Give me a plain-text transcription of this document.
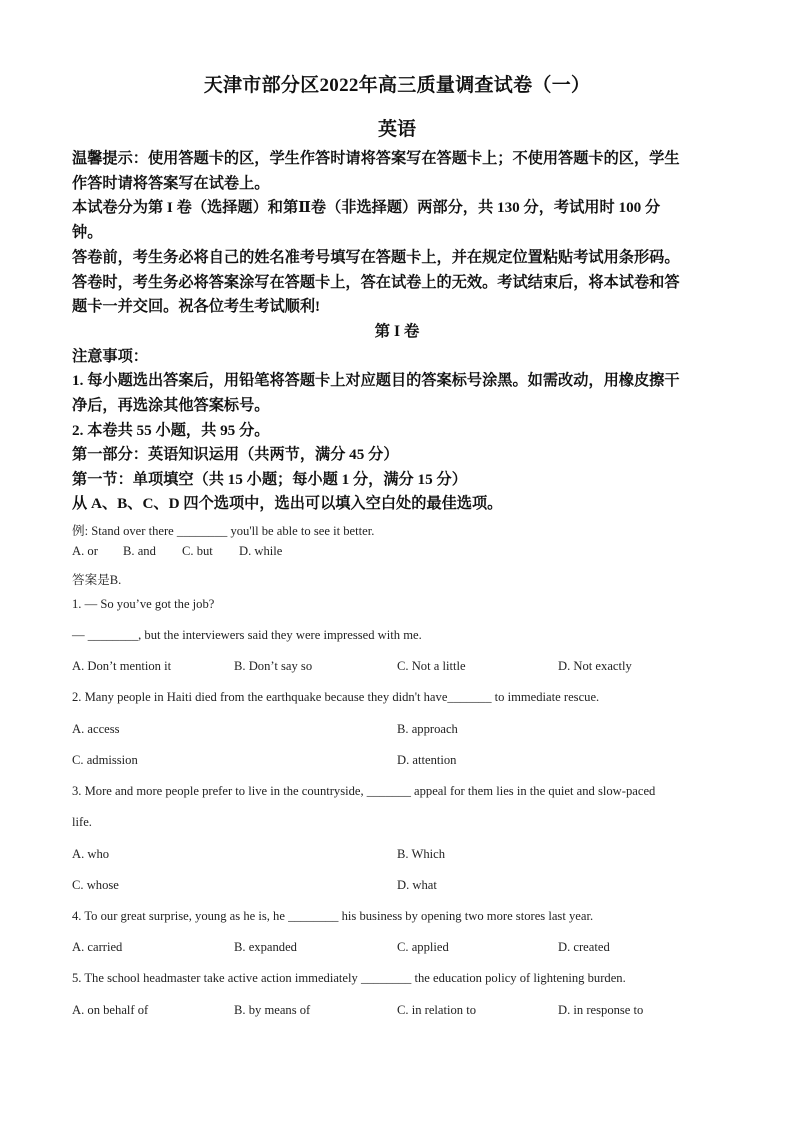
天津市部分区2022年高三质量调查试卷（一）
英语
温馨提示：使用答题卡的区，学生作答时请将答案写在答题卡上；不使用答题卡的区，学生
作答时请将答案写在试卷上。
本试卷分为第 I 卷（选择题）和第Ⅱ卷（非选择题）两部分，共 130 分，考试用时 100 分
钟。
答卷前，考生务必将自己的姓名准考号填写在答题卡上，并在规定位置粘贴考试用条形码。
答卷时，考生务必将答案涂写在答题卡上，答在试卷上的无效。考试结束后，将本试卷和答
题卡一并交回。祝各位考生考试顺利!
第 I 卷
注意事项：
1. 每小题选出答案后，用铅笔将答题卡上对应题目的答案标号涂黑。如需改动，用橡皮擦干
净后，再选涂其他答案标号。
2. 本卷共 55 小题，共 95 分。
第一部分：英语知识运用（共两节，满分 45 分）
第一节：单项填空（共 15 小题；每小题 1 分，满分 15 分）
从 A、B、C、D 四个选项中，选出可以填入空白处的最佳选项。
例: Stand over there ________ you'll be able to see it better.
A. or B. and C. but D. while
答案是B.
1. — So you’ve got the job?
— ________, but the interviewers said they were impressed with me.
A. Don’t mention it	B. Don’t say so	C. Not a little	D. Not exactly
2. Many people in Haiti died from the earthquake because they didn't have_______ to immediate rescue.
A. access	B. approach
C. admission	D. attention
3. More and more people prefer to live in the countryside, _______ appeal for them lies in the quiet and slow-paced
life.
A. who	B. Which
C. whose	D. what
4. To our great surprise, young as he is, he ________ his business by opening two more stores last year.
A. carried	B. expanded	C. applied	D. created
5. The school headmaster take active action immediately ________ the education policy of lightening burden.
A. on behalf of	B. by means of	C. in relation to	D. in response to
